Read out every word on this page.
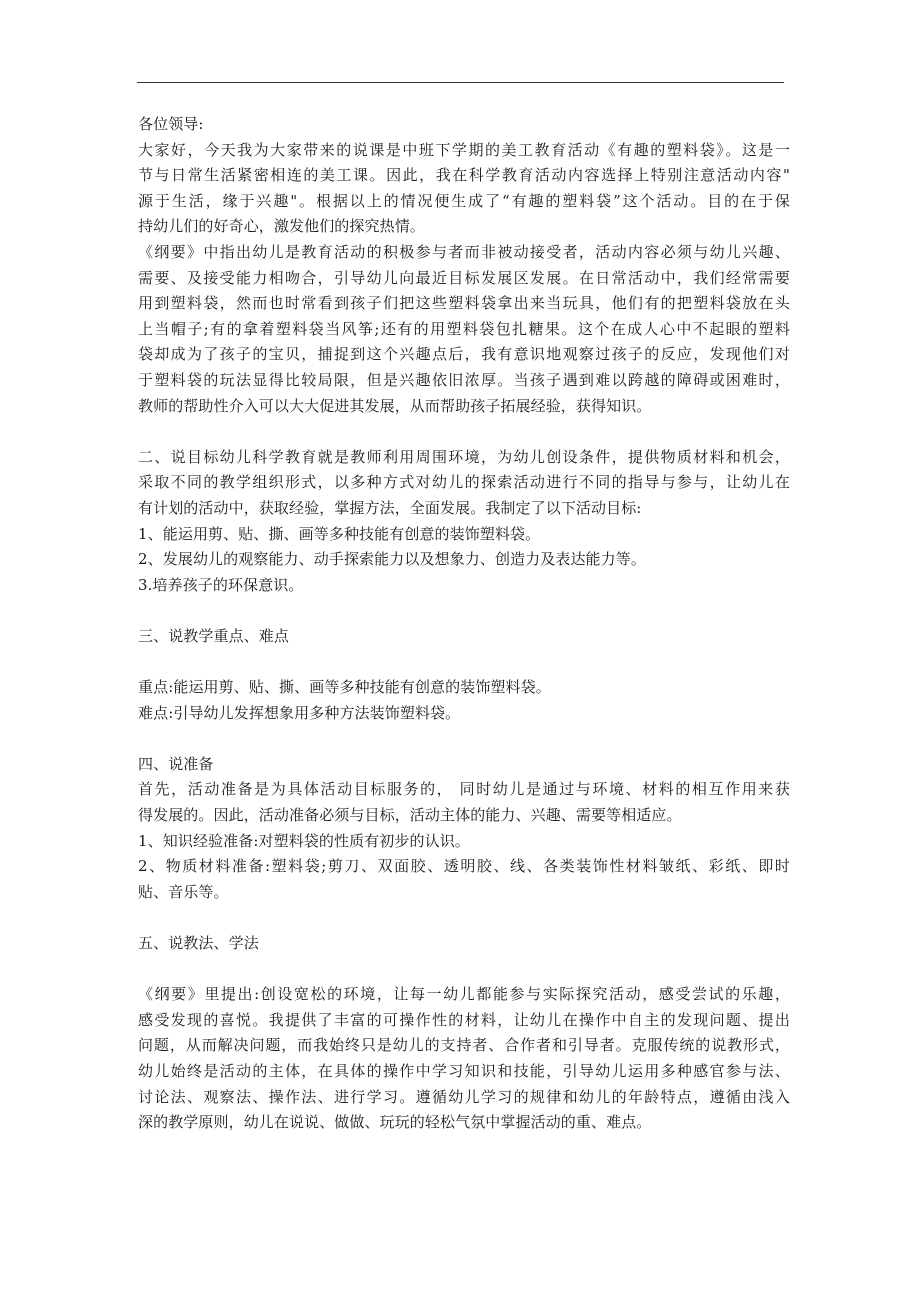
各位领导:
大家好，今天我为大家带来的说课是中班下学期的美工教育活动《有趣的塑料袋》。这是一
节与日常生活紧密相连的美工课。因此，我在科学教育活动内容选择上特别注意活动内容"
源于生活，缘于兴趣"。根据以上的情况便生成了“有趣的塑料袋”这个活动。目的在于保
持幼儿们的好奇心，激发他们的探究热情。
《纲要》中指出幼儿是教育活动的积极参与者而非被动接受者，活动内容必须与幼儿兴趣、
需要、及接受能力相吻合，引导幼儿向最近目标发展区发展。在日常活动中，我们经常需要
用到塑料袋，然而也时常看到孩子们把这些塑料袋拿出来当玩具，他们有的把塑料袋放在头
上当帽子;有的拿着塑料袋当风筝;还有的用塑料袋包扎糖果。这个在成人心中不起眼的塑料
袋却成为了孩子的宝贝，捕捉到这个兴趣点后，我有意识地观察过孩子的反应，发现他们对
于塑料袋的玩法显得比较局限，但是兴趣依旧浓厚。当孩子遇到难以跨越的障碍或困难时，
教师的帮助性介入可以大大促进其发展，从而帮助孩子拓展经验，获得知识。
二、说目标幼儿科学教育就是教师利用周围环境，为幼儿创设条件，提供物质材料和机会，
采取不同的教学组织形式，以多种方式对幼儿的探索活动进行不同的指导与参与，让幼儿在
有计划的活动中，获取经验，掌握方法，全面发展。我制定了以下活动目标:
1、能运用剪、贴、撕、画等多种技能有创意的装饰塑料袋。
2、发展幼儿的观察能力、动手探索能力以及想象力、创造力及表达能力等。
3.培养孩子的环保意识。
三、说教学重点、难点
重点:能运用剪、贴、撕、画等多种技能有创意的装饰塑料袋。
难点:引导幼儿发挥想象用多种方法装饰塑料袋。
四、说准备
首先，活动准备是为具体活动目标服务的， 同时幼儿是通过与环境、材料的相互作用来获
得发展的。因此，活动准备必须与目标，活动主体的能力、兴趣、需要等相适应。
1、知识经验准备:对塑料袋的性质有初步的认识。
2、物质材料准备:塑料袋;剪刀、双面胶、透明胶、线、各类装饰性材料皱纸、彩纸、即时
贴、音乐等。
五、说教法、学法
《纲要》里提出:创设宽松的环境，让每一幼儿都能参与实际探究活动，感受尝试的乐趣，
感受发现的喜悦。我提供了丰富的可操作性的材料，让幼儿在操作中自主的发现问题、提出
问题，从而解决问题，而我始终只是幼儿的支持者、合作者和引导者。克服传统的说教形式，
幼儿始终是活动的主体，在具体的操作中学习知识和技能，引导幼儿运用多种感官参与法、
讨论法、观察法、操作法、进行学习。遵循幼儿学习的规律和幼儿的年龄特点，遵循由浅入
深的教学原则，幼儿在说说、做做、玩玩的轻松气氛中掌握活动的重、难点。
